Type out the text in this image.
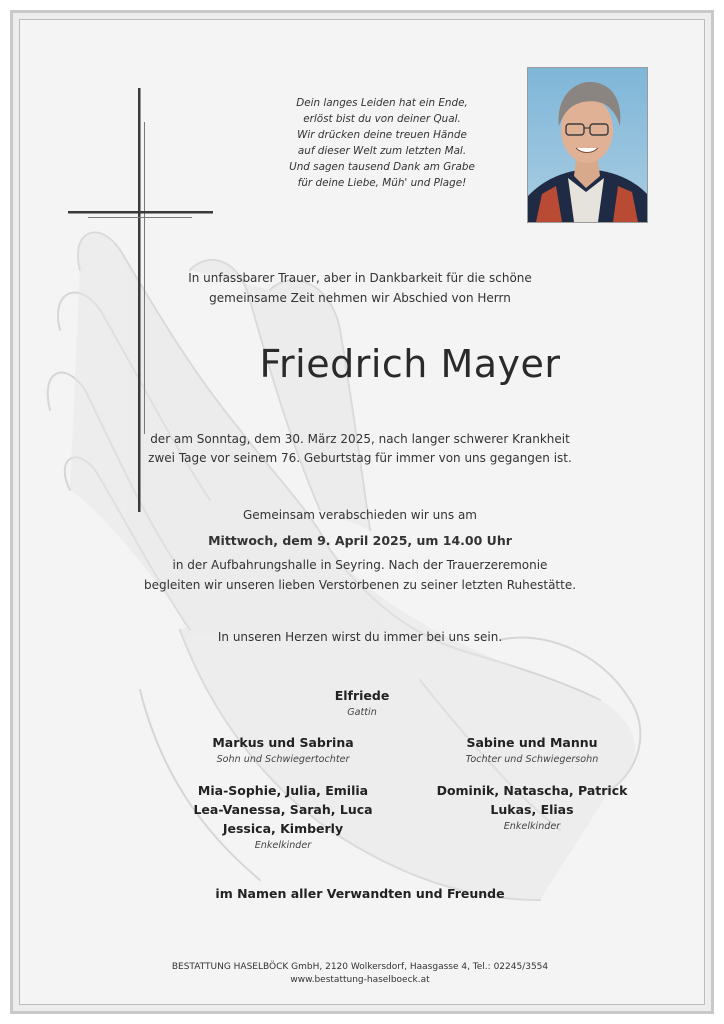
Dein langes Leiden hat ein Ende,
erlöst bist du von deiner Qual.
Wir drücken deine treuen Hände
auf dieser Welt zum letzten Mal.
Und sagen tausend Dank am Grabe
für deine Liebe, Müh' und Plage!
In unfassbarer Trauer, aber in Dankbarkeit für die schöne
gemeinsame Zeit nehmen wir Abschied von Herrn
Friedrich Mayer
der am Sonntag, dem 30. März 2025, nach langer schwerer Krankheit
zwei Tage vor seinem 76. Geburtstag für immer von uns gegangen ist.
Gemeinsam verabschieden wir uns am
Mittwoch, dem 9. April 2025, um 14.00 Uhr
in der Aufbahrungshalle in Seyring. Nach der Trauerzeremonie
begleiten wir unseren lieben Verstorbenen zu seiner letzten Ruhestätte.
In unseren Herzen wirst du immer bei uns sein.
Elfriede
Gattin
Markus und Sabrina
Sohn und Schwiegertochter
Sabine und Mannu
Tochter und Schwiegersohn
Mia-Sophie, Julia, Emilia
Lea-Vanessa, Sarah, Luca
Jessica, Kimberly
Enkelkinder
Dominik, Natascha, Patrick
Lukas, Elias
Enkelkinder
im Namen aller Verwandten und Freunde
BESTATTUNG HASELBÖCK GmbH, 2120 Wolkersdorf, Haasgasse 4, Tel.: 02245/3554
www.bestattung-haselboeck.at
